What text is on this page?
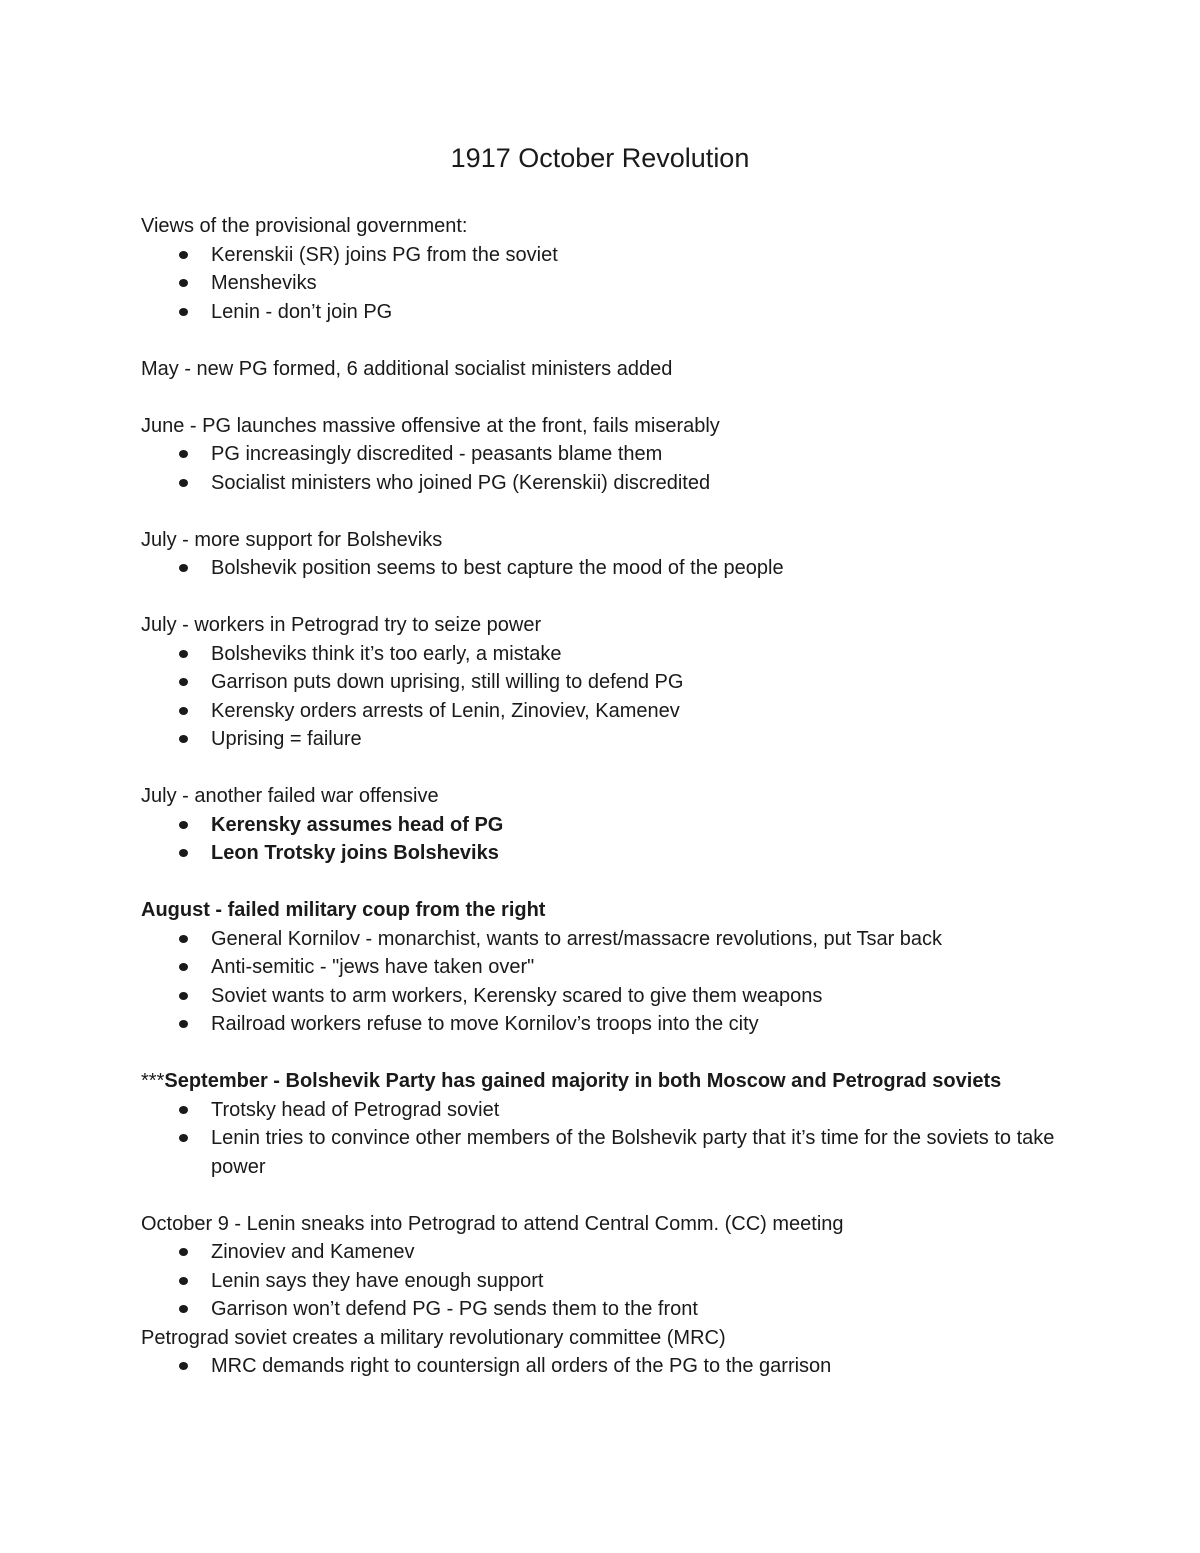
1917 October Revolution

Views of the provisional government:

Kerenskii (SR) joins PG from the soviet
Mensheviks
Lenin - don’t join PG

May - new PG formed, 6 additional socialist ministers added

June - PG launches massive offensive at the front, fails miserably

PG increasingly discredited - peasants blame them
Socialist ministers who joined PG (Kerenskii) discredited

July - more support for Bolsheviks

Bolshevik position seems to best capture the mood of the people

July - workers in Petrograd try to seize power

Bolsheviks think it’s too early, a mistake
Garrison puts down uprising, still willing to defend PG
Kerensky orders arrests of Lenin, Zinoviev, Kamenev
Uprising = failure

July - another failed war offensive

Kerensky assumes head of PG
Leon Trotsky joins Bolsheviks

August - failed military coup from the right

General Kornilov - monarchist, wants to arrest/massacre revolutions, put Tsar back
Anti-semitic - "jews have taken over"
Soviet wants to arm workers, Kerensky scared to give them weapons
Railroad workers refuse to move Kornilov’s troops into the city

***September - Bolshevik Party has gained majority in both Moscow and Petrograd soviets

Trotsky head of Petrograd soviet
Lenin tries to convince other members of the Bolshevik party that it’s time for the soviets to take power

October 9 - Lenin sneaks into Petrograd to attend Central Comm. (CC) meeting

Zinoviev and Kamenev
Lenin says they have enough support
Garrison won’t defend PG - PG sends them to the front

Petrograd soviet creates a military revolutionary committee (MRC)

MRC demands right to countersign all orders of the PG to the garrison
